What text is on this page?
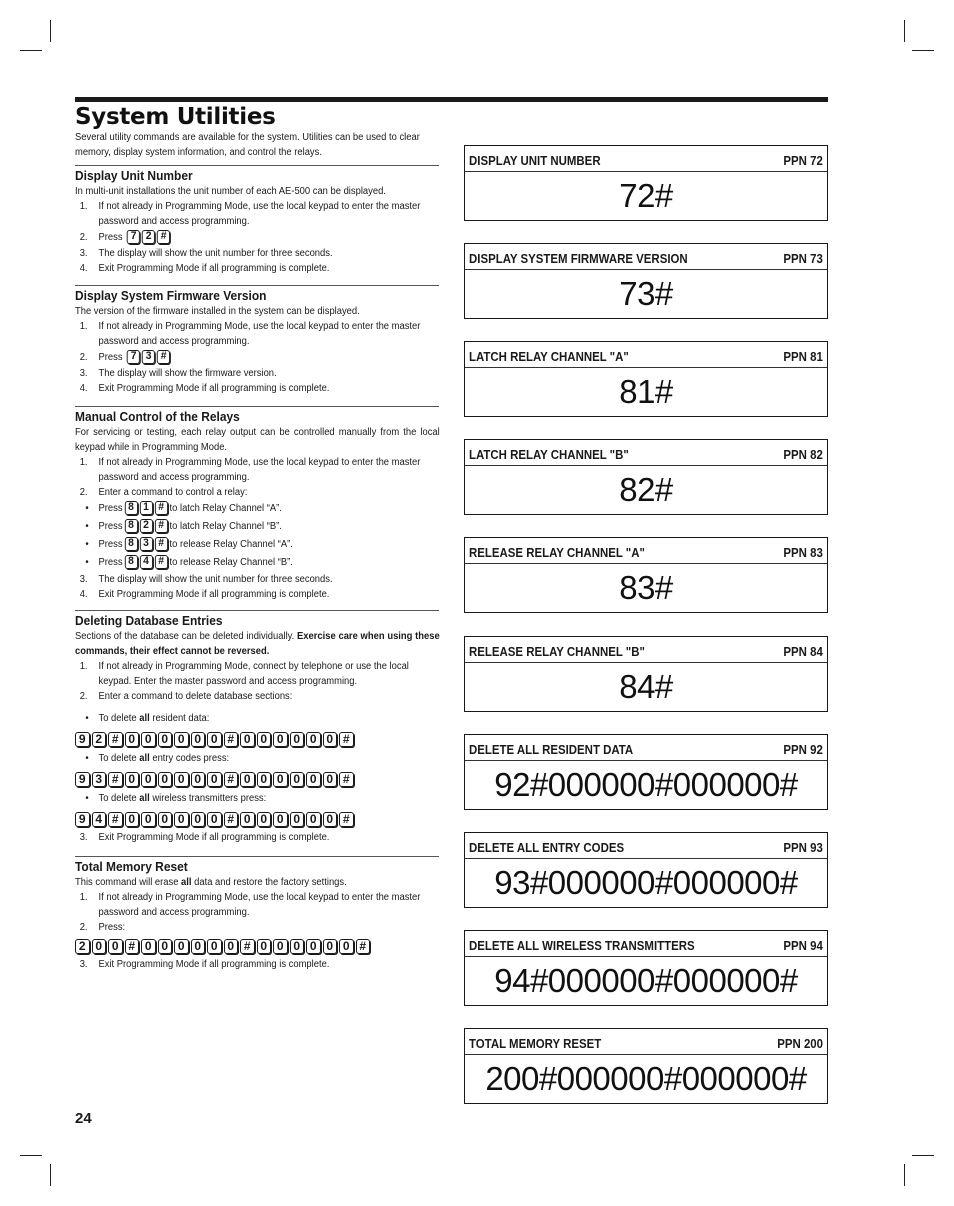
System Utilities
Several utility commands are available for the system. Utilities can be used to clear memory, display system information, and control the relays.
Display Unit Number
In multi-unit installations the unit number of each AE-500 can be displayed.
1. If not already in Programming Mode, use the local keypad to enter the master password and access programming.
2. Press 7 2 #
3. The display will show the unit number for three seconds.
4. Exit Programming Mode if all programming is complete.
Display System Firmware Version
The version of the firmware installed in the system can be displayed.
1. If not already in Programming Mode, use the local keypad to enter the master password and access programming.
2. Press 7 3 #
3. The display will show the firmware version.
4. Exit Programming Mode if all programming is complete.
Manual Control of the Relays
For servicing or testing, each relay output can be controlled manually from the local keypad while in Programming Mode.
1. If not already in Programming Mode, use the local keypad to enter the master password and access programming.
2. Enter a command to control a relay:
• Press 8 1 # to latch Relay Channel “A”.
• Press 8 2 # to latch Relay Channel “B”.
• Press 8 3 # to release Relay Channel “A”.
• Press 8 4 # to release Relay Channel “B”.
3. The display will show the unit number for three seconds.
4. Exit Programming Mode if all programming is complete.
Deleting Database Entries
Sections of the database can be deleted individually. Exercise care when using these commands, their effect cannot be reversed.
1. If not already in Programming Mode, connect by telephone or use the local keypad. Enter the master password and access programming.
2. Enter a command to delete database sections:
• To delete all resident data:
9 2 # 0 0 0 0 0 0 # 0 0 0 0 0 0 #
• To delete all entry codes press:
9 3 # 0 0 0 0 0 0 # 0 0 0 0 0 0 #
• To delete all wireless transmitters press:
9 4 # 0 0 0 0 0 0 # 0 0 0 0 0 0 #
3. Exit Programming Mode if all programming is complete.
Total Memory Reset
This command will erase all data and restore the factory settings.
1. If not already in Programming Mode, use the local keypad to enter the master password and access programming.
2. Press:
2 0 0 # 0 0 0 0 0 0 # 0 0 0 0 0 0 #
3. Exit Programming Mode if all programming is complete.
DISPLAY UNIT NUMBER	PPN 72
72#
DISPLAY SYSTEM FIRMWARE VERSION	PPN 73
73#
LATCH RELAY CHANNEL "A"	PPN 81
81#
LATCH RELAY CHANNEL "B"	PPN 82
82#
RELEASE RELAY CHANNEL "A"	PPN 83
83#
RELEASE RELAY CHANNEL "B"	PPN 84
84#
DELETE ALL RESIDENT DATA	PPN 92
92#000000#000000#
DELETE ALL ENTRY CODES	PPN 93
93#000000#000000#
DELETE ALL WIRELESS TRANSMITTERS	PPN 94
94#000000#000000#
TOTAL MEMORY RESET	PPN 200
200#000000#000000#
24
